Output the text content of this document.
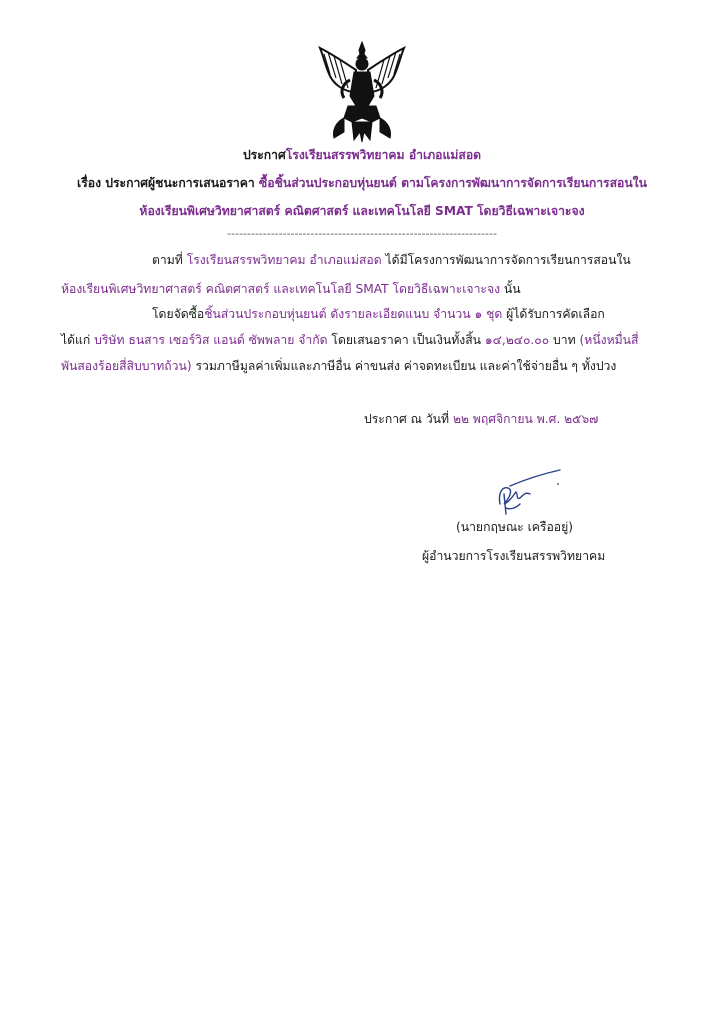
ประกาศโรงเรียนสรรพวิทยาคม อำเภอแม่สอด
เรื่อง ประกาศผู้ชนะการเสนอราคา ซื้อชิ้นส่วนประกอบหุ่นยนต์ ตามโครงการพัฒนาการจัดการเรียนการสอนใน
ห้องเรียนพิเศษวิทยาศาสตร์ คณิตศาสตร์ และเทคโนโลยี SMAT โดยวิธีเฉพาะเจาะจง
--------------------------------------------------------------------
ตามที่ โรงเรียนสรรพวิทยาคม อำเภอแม่สอด ได้มีโครงการพัฒนาการจัดการเรียนการสอนใน
ห้องเรียนพิเศษวิทยาศาสตร์ คณิตศาสตร์ และเทคโนโลยี SMAT โดยวิธีเฉพาะเจาะจง นั้น
โดยจัดซื้อชิ้นส่วนประกอบหุ่นยนต์ ดังรายละเอียดแนบ จำนวน ๑ ชุด ผู้ได้รับการคัดเลือก
ได้แก่ บริษัท ธนสาร เซอร์วิส แอนด์ ซัพพลาย จำกัด โดยเสนอราคา เป็นเงินทั้งสิ้น ๑๔,๒๔๐.๐๐ บาท (หนึ่งหมื่นสี่
พันสองร้อยสี่สิบบาทถ้วน) รวมภาษีมูลค่าเพิ่มและภาษีอื่น ค่าขนส่ง ค่าจดทะเบียน และค่าใช้จ่ายอื่น ๆ ทั้งปวง
ประกาศ ณ วันที่ ๒๒ พฤศจิกายน พ.ศ. ๒๕๖๗
(นายกฤษณะ เครืออยู่)
ผู้อำนวยการโรงเรียนสรรพวิทยาคม
